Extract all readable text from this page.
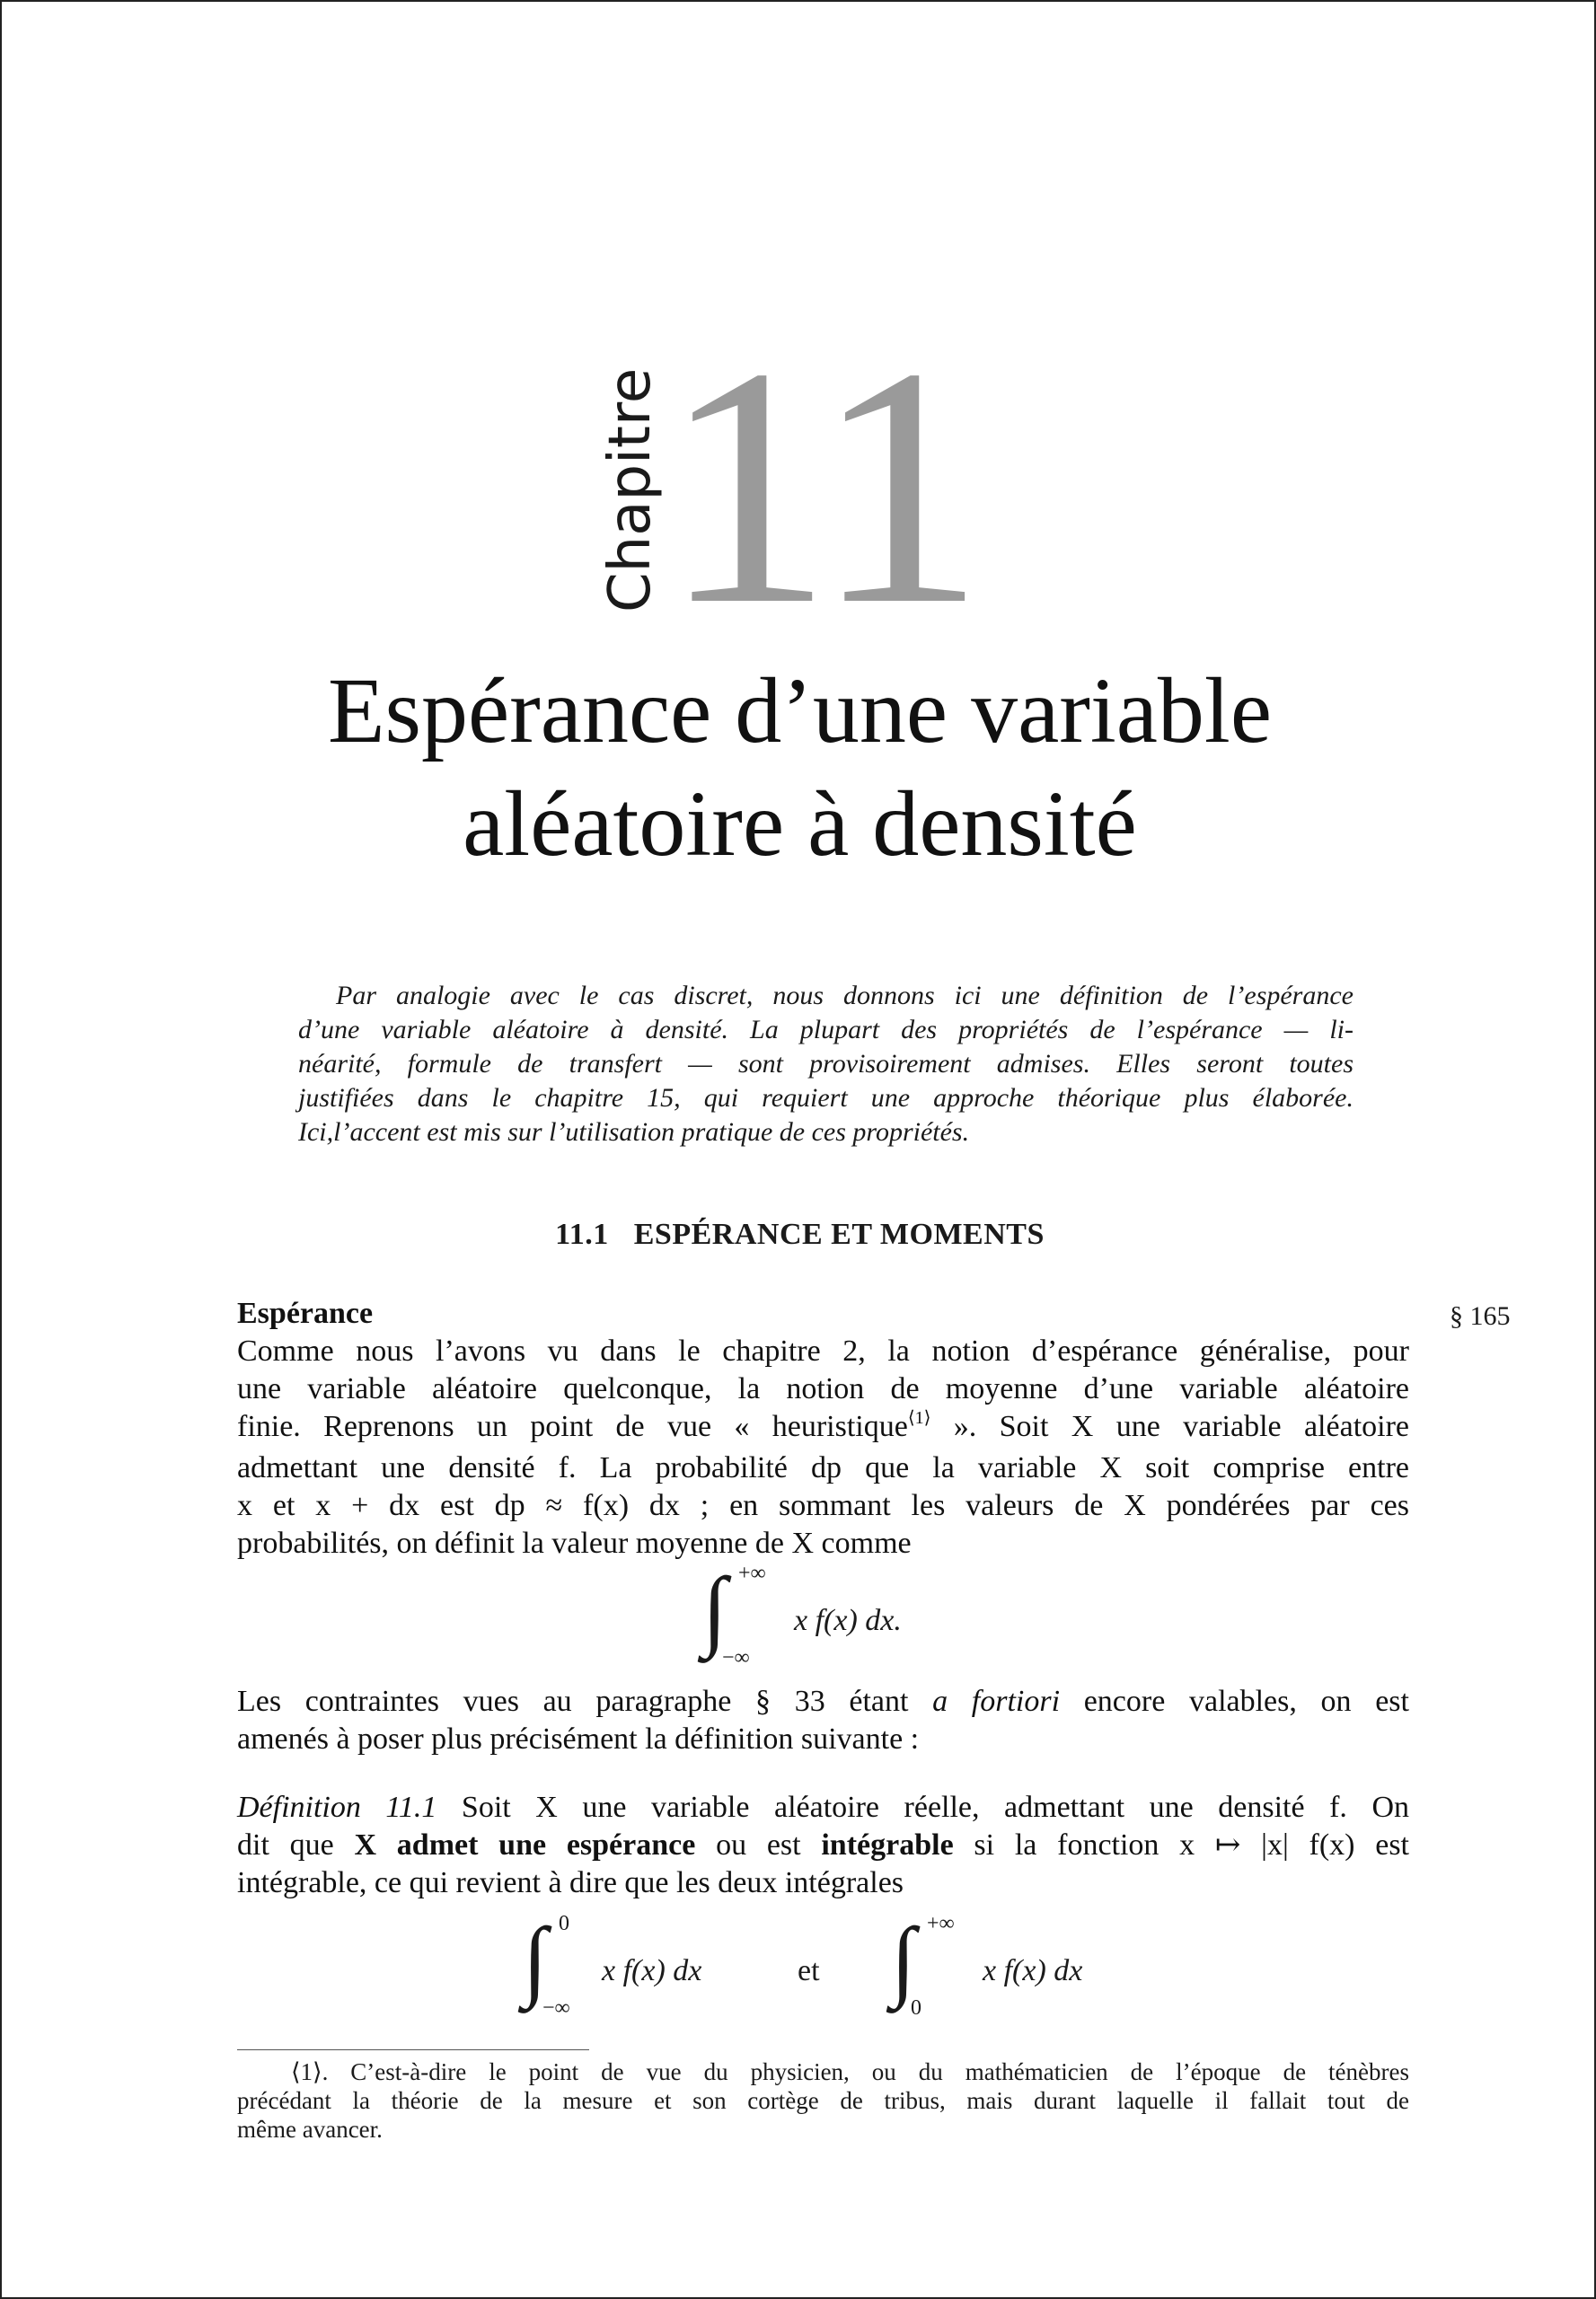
Chapitre
11
Espérance d’une variable
aléatoire à densité
Par analogie avec le cas discret, nous donnons ici une définition de l’espérance
d’une variable aléatoire à densité. La plupart des propriétés de l’espérance — li-
néarité, formule de transfert — sont provisoirement admises. Elles seront toutes
justifiées dans le chapitre 15, qui requiert une approche théorique plus élaborée.
Ici,l’accent est mis sur l’utilisation pratique de ces propriétés.
11.1 ESPÉRANCE ET MOMENTS
Espérance	§ 165
Comme nous l’avons vu dans le chapitre 2, la notion d’espérance généralise, pour
une variable aléatoire quelconque, la notion de moyenne d’une variable aléatoire
finie. Reprenons un point de vue « heuristique$^{⟨1⟩}$ ». Soit X une variable aléatoire
admettant une densité f. La probabilité dp que la variable X soit comprise entre
x et x + dx est dp ≈ f(x) dx ; en sommant les valeurs de X pondérées par ces
probabilités, on définit la valeur moyenne de X comme
∫ +∞
−∞
x f(x) dx.
Les contraintes vues au paragraphe § 33 étant a fortiori encore valables, on est
amenés à poser plus précisément la définition suivante :
Définition 11.1 Soit X une variable aléatoire réelle, admettant une densité f. On
dit que X admet une espérance ou est intégrable si la fonction x ↦ |x| f(x) est
intégrable, ce qui revient à dire que les deux intégrales
∫ 0
−∞
x f(x) dx	et ∫ +∞
0
x f(x) dx
⟨1⟩. C’est-à-dire le point de vue du physicien, ou du mathématicien de l’époque de ténèbres
précédant la théorie de la mesure et son cortège de tribus, mais durant laquelle il fallait tout de
même avancer.
